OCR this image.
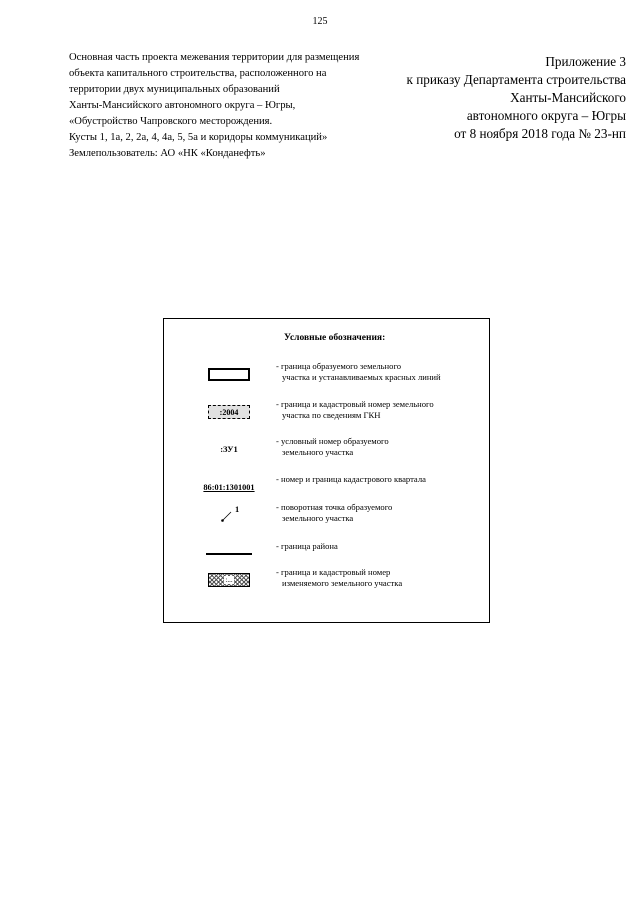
125
Основная часть проекта межевания территории для размещения
объекта капитального строительства, расположенного на
территории двух муниципальных образований
Ханты-Мансийского автономного округа – Югры,
«Обустройство Чапровского месторождения.
Кусты 1, 1а, 2, 2а, 4, 4а, 5, 5а и коридоры коммуникаций»
Землепользователь: АО «НК «Конданефть»
Приложение 3
к приказу Департамента строительства
Ханты-Мансийского
автономного округа – Югры
от 8 ноября 2018 года № 23-нп
Условные обозначения:
- граница образуемого земельного
участка и устанавливаемых красных линий
:2004
- граница и кадастровый номер земельного
участка по сведениям ГКН
:ЗУ1
- условный номер образуемого
земельного участка
86:01:1301001
- номер и граница кадастрового квартала
1	- поворотная точка образуемого
земельного участка
- граница района
:...
- граница и кадастровый номер
изменяемого земельного участка
